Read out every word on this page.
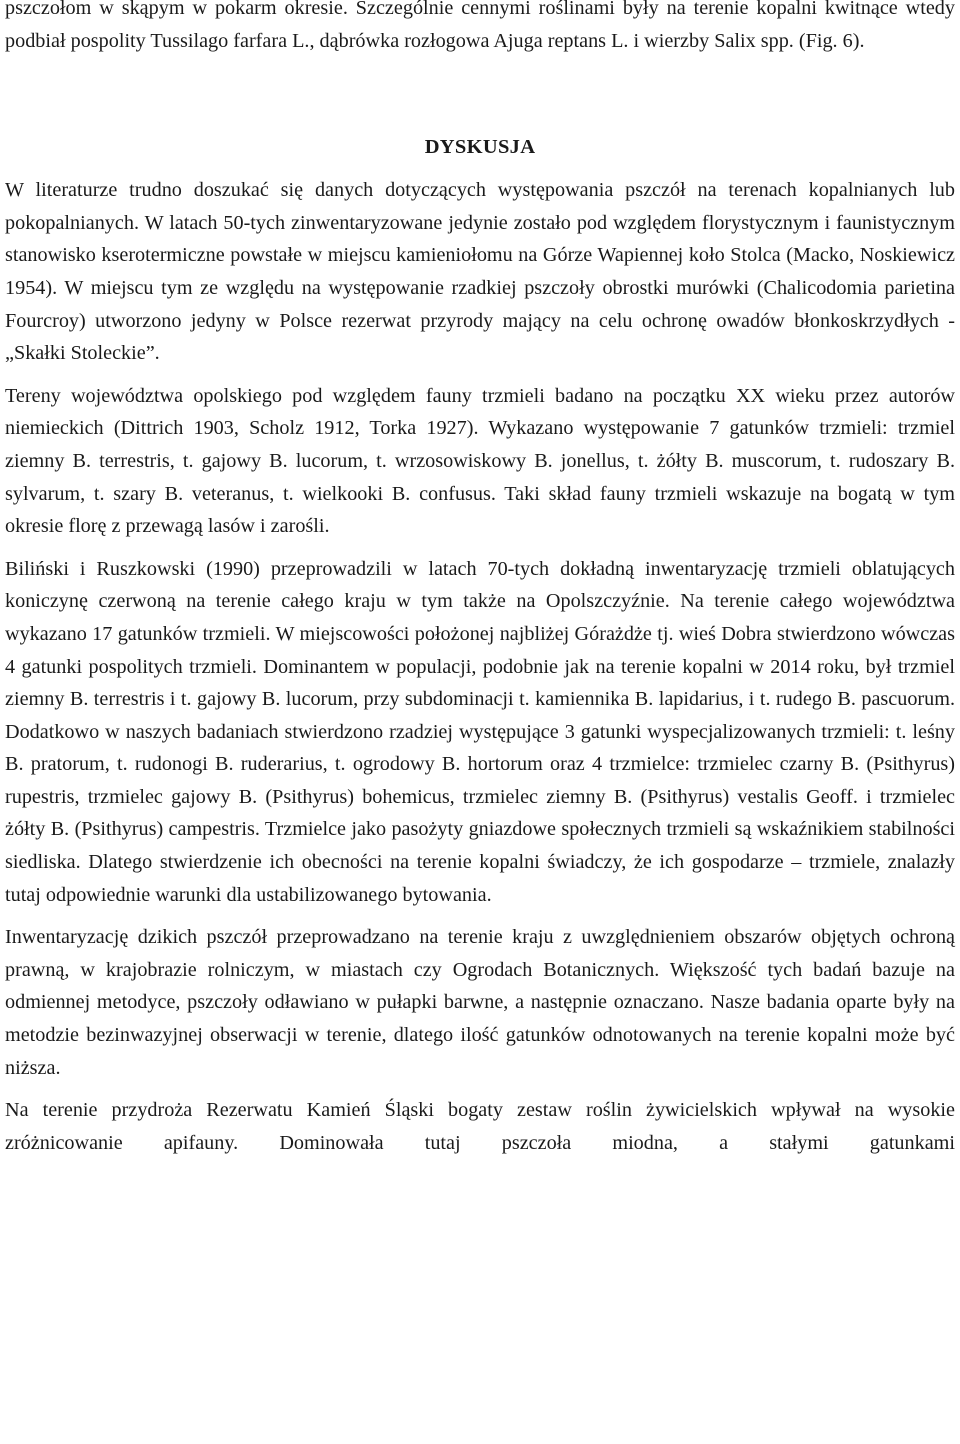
pszczołom w skąpym w pokarm okresie. Szczególnie cennymi roślinami były na terenie kopalni kwitnące wtedy podbiał pospolity Tussilago farfara L., dąbrówka rozłogowa Ajuga reptans L. i wierzby Salix spp. (Fig. 6).

DYSKUSJA

W literaturze trudno doszukać się danych dotyczących występowania pszczół na terenach kopalnianych lub pokopalnianych. W latach 50-tych zinwentaryzowane jedynie zostało pod względem florystycznym i faunistycznym stanowisko kserotermiczne powstałe w miejscu kamieniołomu na Górze Wapiennej koło Stolca (Macko, Noskiewicz 1954). W miejscu tym ze względu na występowanie rzadkiej pszczoły obrostki murówki (Chalicodomia parietina Fourcroy) utworzono jedyny w Polsce rezerwat przyrody mający na celu ochronę owadów błonkoskrzydłych - „Skałki Stoleckie”.

Tereny województwa opolskiego pod względem fauny trzmieli badano na początku XX wieku przez autorów niemieckich (Dittrich 1903, Scholz 1912, Torka 1927). Wykazano występowanie 7 gatunków trzmieli: trzmiel ziemny B. terrestris, t. gajowy B. lucorum, t. wrzosowiskowy B. jonellus, t. żółty B. muscorum, t. rudoszary B. sylvarum, t. szary B. veteranus, t. wielkooki B. confusus. Taki skład fauny trzmieli wskazuje na bogatą w tym okresie florę z przewagą lasów i zarośli.

Biliński i Ruszkowski (1990) przeprowadzili w latach 70-tych dokładną inwentaryzację trzmieli oblatujących koniczynę czerwoną na terenie całego kraju w tym także na Opolszczyźnie. Na terenie całego województwa wykazano 17 gatunków trzmieli. W miejscowości położonej najbliżej Górażdże tj. wieś Dobra stwierdzono wówczas 4 gatunki pospolitych trzmieli. Dominantem w populacji, podobnie jak na terenie kopalni w 2014 roku, był trzmiel ziemny B. terrestris i t. gajowy B. lucorum, przy subdominacji t. kamiennika B. lapidarius, i t. rudego B. pascuorum. Dodatkowo w naszych badaniach stwierdzono rzadziej występujące 3 gatunki wyspecjalizowanych trzmieli: t. leśny B. pratorum, t. rudonogi B. ruderarius, t. ogrodowy B. hortorum oraz 4 trzmielce: trzmielec czarny B. (Psithyrus) rupestris, trzmielec gajowy B. (Psithyrus) bohemicus, trzmielec ziemny B. (Psithyrus) vestalis Geoff. i trzmielec żółty B. (Psithyrus) campestris. Trzmielce jako pasożyty gniazdowe społecznych trzmieli są wskaźnikiem stabilności siedliska. Dlatego stwierdzenie ich obecności na terenie kopalni świadczy, że ich gospodarze – trzmiele, znalazły tutaj odpowiednie warunki dla ustabilizowanego bytowania.

Inwentaryzację dzikich pszczół przeprowadzano na terenie kraju z uwzględnieniem obszarów objętych ochroną prawną, w krajobrazie rolniczym, w miastach czy Ogrodach Botanicznych. Większość tych badań bazuje na odmiennej metodyce, pszczoły odławiano w pułapki barwne, a następnie oznaczano. Nasze badania oparte były na metodzie bezinwazyjnej obserwacji w terenie, dlatego ilość gatunków odnotowanych na terenie kopalni może być niższa.

Na terenie przydroża Rezerwatu Kamień Śląski bogaty zestaw roślin żywicielskich wpływał na wysokie zróżnicowanie apifauny. Dominowała tutaj pszczoła miodna, a stałymi gatunkami
